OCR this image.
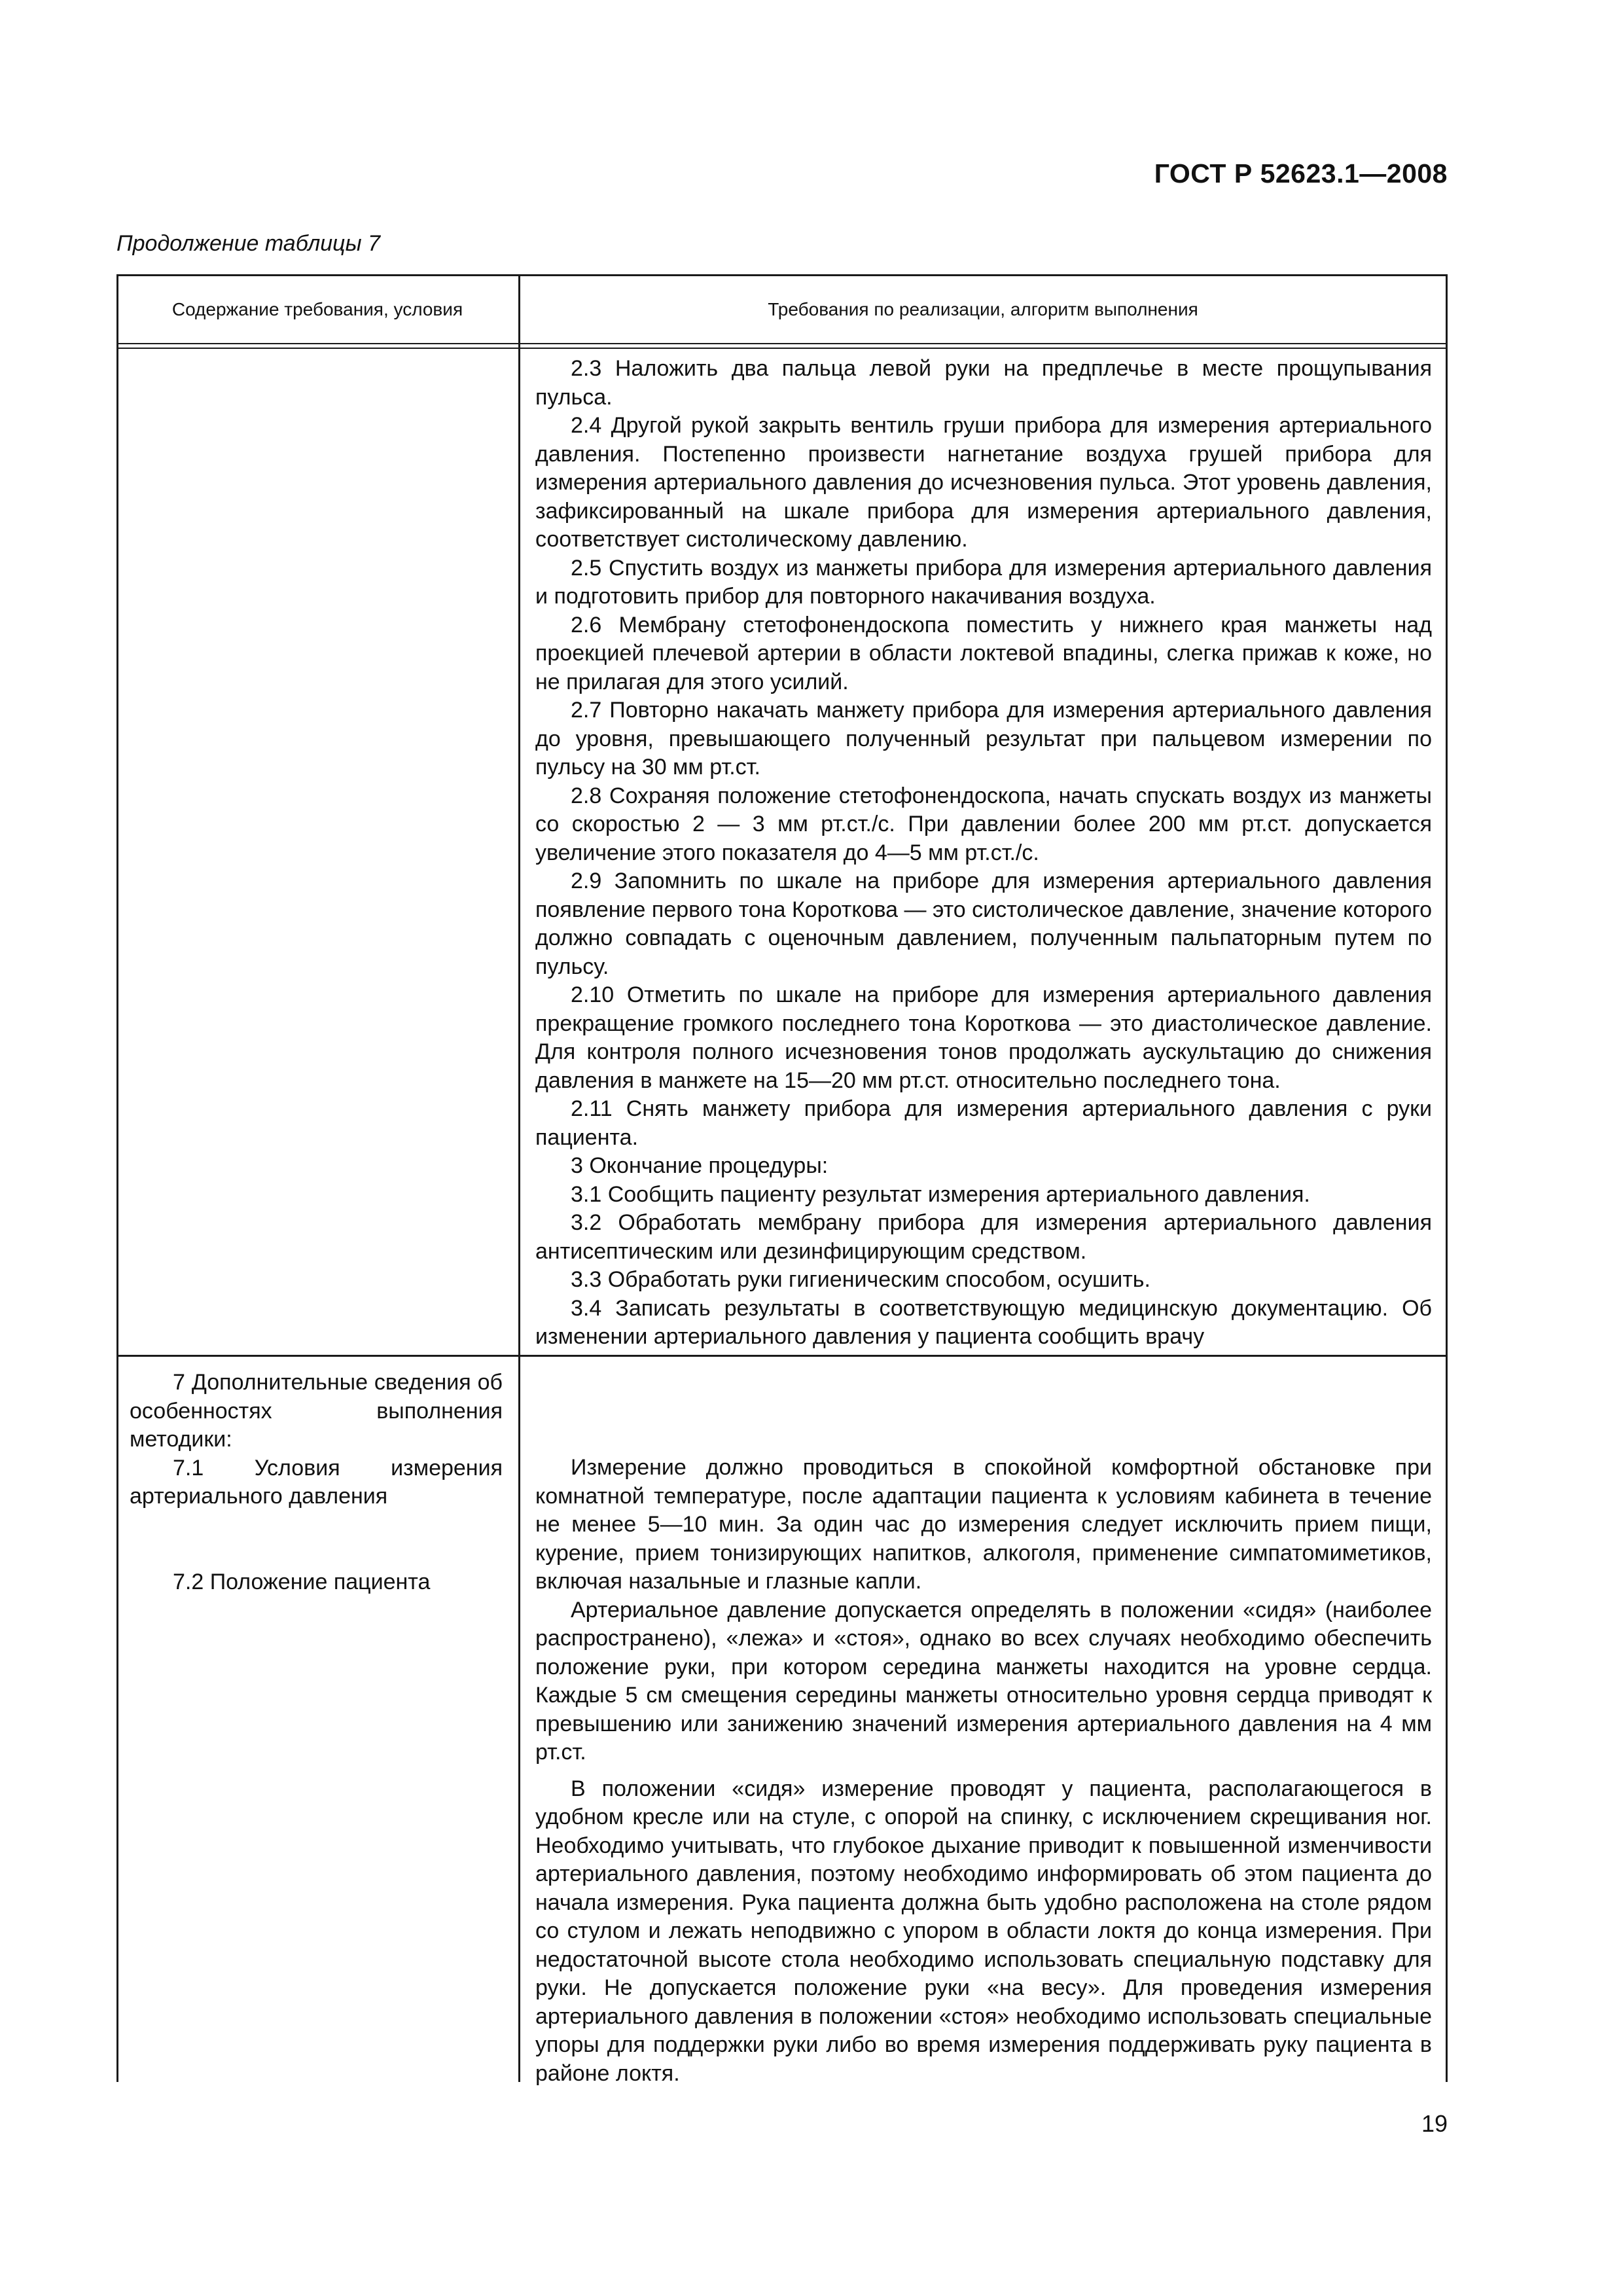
ГОСТ Р 52623.1—2008
Продолжение таблицы 7
Содержание требования, условия	Требования по реализации, алгоритм выполнения

2.3 Наложить два пальца левой руки на предплечье в месте прощупывания пульса.

2.4 Другой рукой закрыть вентиль груши прибора для измерения артериального давления. Постепенно произвести нагнетание воздуха грушей прибора для измерения артериального давления до исчезновения пульса. Этот уровень давления, зафиксированный на шкале прибора для измерения артериального давления, соответствует систолическому давлению.

2.5 Спустить воздух из манжеты прибора для измерения артериального давления и подготовить прибор для повторного накачивания воздуха.

2.6 Мембрану стетофонендоскопа поместить у нижнего края манжеты над проекцией плечевой артерии в области локтевой впадины, слегка прижав к коже, но не прилагая для этого усилий.

2.7 Повторно накачать манжету прибора для измерения артериального давления до уровня, превышающего полученный результат при пальцевом измерении по пульсу на 30 мм рт.ст.

2.8 Сохраняя положение стетофонендоскопа, начать спускать воздух из манжеты со скоростью 2 — 3 мм рт.ст./с. При давлении более 200 мм рт.ст. допускается увеличение этого показателя до 4—5 мм рт.ст./с.

2.9 Запомнить по шкале на приборе для измерения артериального давления появление первого тона Короткова — это систолическое давление, значение которого должно совпадать с оценочным давлением, полученным пальпаторным путем по пульсу.

2.10 Отметить по шкале на приборе для измерения артериального давления прекращение громкого последнего тона Короткова — это диастолическое давление. Для контроля полного исчезновения тонов продолжать аускультацию до снижения давления в манжете на 15—20 мм рт.ст. относительно последнего тона.

2.11 Снять манжету прибора для измерения артериального давления с руки пациента.

3 Окончание процедуры:

3.1 Сообщить пациенту результат измерения артериального давления.

3.2 Обработать мембрану прибора для измерения артериального давления антисептическим или дезинфицирующим средством.

3.3 Обработать руки гигиеническим способом, осушить.

3.4 Записать результаты в соответствующую медицинскую документацию. Об изменении артериального давления у пациента сообщить врачу

7 Дополнительные сведения об особенностях выполнения методики:

7.1 Условия измерения артериального давления

7.2 Положение пациента

Измерение должно проводиться в спокойной комфортной обстановке при комнатной температуре, после адаптации пациента к условиям кабинета в течение не менее 5—10 мин. За один час до измерения следует исключить прием пищи, курение, прием тонизирующих напитков, алкоголя, применение симпатомиметиков, включая назальные и глазные капли.

Артериальное давление допускается определять в положении «сидя» (наиболее распространено), «лежа» и «стоя», однако во всех случаях необходимо обеспечить положение руки, при котором середина манжеты находится на уровне сердца. Каждые 5 см смещения середины манжеты относительно уровня сердца приводят к превышению или занижению значений измерения артериального давления на 4 мм рт.ст.

В положении «сидя» измерение проводят у пациента, располагающегося в удобном кресле или на стуле, с опорой на спинку, с исключением скрещивания ног. Необходимо учитывать, что глубокое дыхание приводит к повышенной изменчивости артериального давления, поэтому необходимо информировать об этом пациента до начала измерения. Рука пациента должна быть удобно расположена на столе рядом со стулом и лежать неподвижно с упором в области локтя до конца измерения. При недостаточной высоте стола необходимо использовать специальную подставку для руки. Не допускается положение руки «на весу». Для проведения измерения артериального давления в положении «стоя» необходимо использовать специальные упоры для поддержки руки либо во время измерения поддерживать руку пациента в районе локтя.

19
